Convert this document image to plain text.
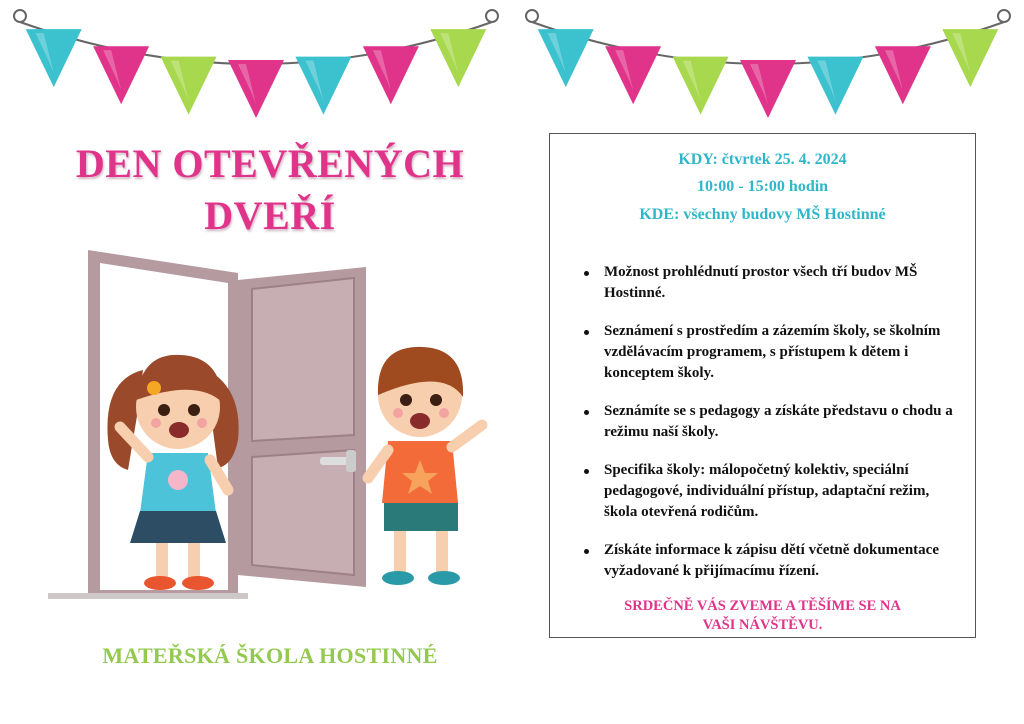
DEN OTEVŘENÝCH
DVEŘÍ
MATEŘSKÁ ŠKOLA HOSTINNÉ
KDY: čtvrtek 25. 4. 2024
10:00 - 15:00 hodin
KDE: všechny budovy MŠ Hostinné
Možnost prohlédnutí prostor všech tří budov MŠ Hostinné.
Seznámení s prostředím a zázemím školy, se školním vzdělávacím programem, s přístupem k dětem i konceptem školy.
Seznámíte se s pedagogy a získáte představu o chodu a režimu naší školy.
Specifika školy: málopočetný kolektiv, speciální pedagogové, individuální přístup, adaptační režim, škola otevřená rodičům.
Získáte informace k zápisu dětí včetně dokumentace vyžadované k přijímacímu řízení.
SRDEČNĚ VÁS ZVEME A TĚŠÍME SE NA
VAŠI NÁVŠTĚVU.
